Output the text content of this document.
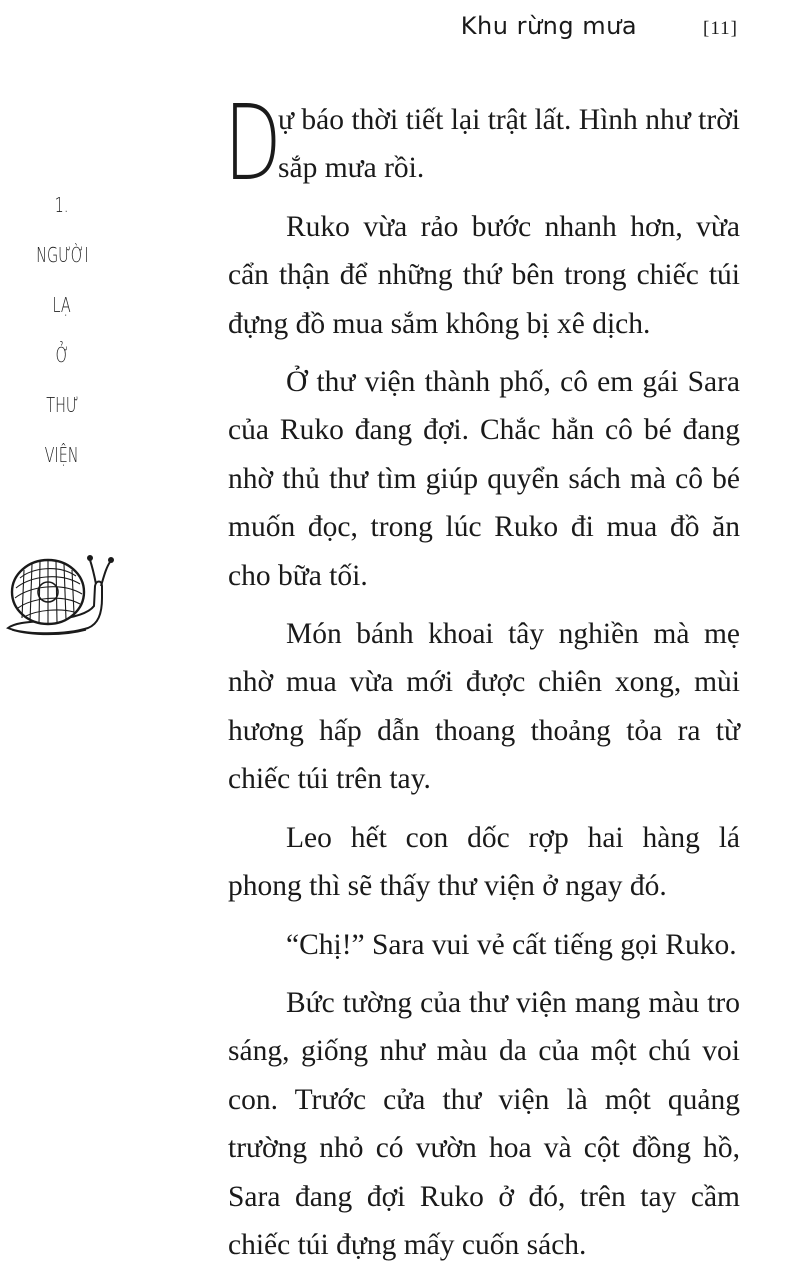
Khu rừng mưa	[11]
1.
NGƯỜI
LẠ
Ở
THƯ
VIỆN

D
ự báo thời tiết lại trật lất. Hình như trời sắp mưa rồi.

Ruko vừa rảo bước nhanh hơn, vừa cẩn thận để những thứ bên trong chiếc túi đựng đồ mua sắm không bị xê dịch.

Ở thư viện thành phố, cô em gái Sara của Ruko đang đợi. Chắc hẳn cô bé đang nhờ thủ thư tìm giúp quyển sách mà cô bé muốn đọc, trong lúc Ruko đi mua đồ ăn cho bữa tối.

Món bánh khoai tây nghiền mà mẹ nhờ mua vừa mới được chiên xong, mùi hương hấp dẫn thoang thoảng tỏa ra từ chiếc túi trên tay.

Leo hết con dốc rợp hai hàng lá phong thì sẽ thấy thư viện ở ngay đó.

“Chị!” Sara vui vẻ cất tiếng gọi Ruko.

Bức tường của thư viện mang màu tro sáng, giống như màu da của một chú voi con. Trước cửa thư viện là một quảng trường nhỏ có vườn hoa và cột đồng hồ, Sara đang đợi Ruko ở đó, trên tay cầm chiếc túi đựng mấy cuốn sách.
